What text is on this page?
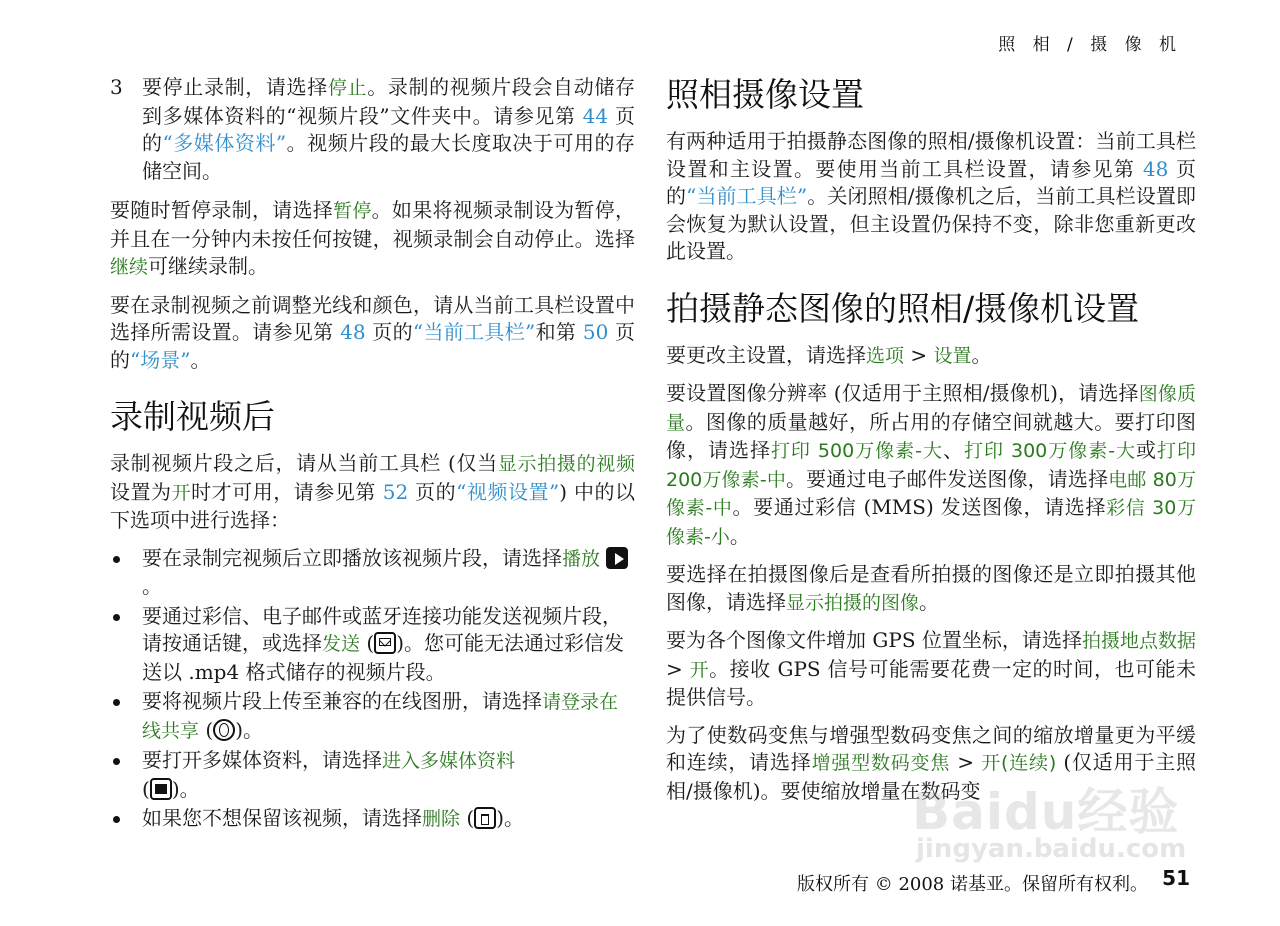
照 相 / 摄 像 机
3 要停止录制，请选择停止。录制的视频片段会自动储存到多媒体资料的“视频片段”文件夹中。请参见第 44 页的“多媒体资料”。视频片段的最大长度取决于可用的存储空间。

要随时暂停录制，请选择暂停。如果将视频录制设为暂停，并且在一分钟内未按任何按键，视频录制会自动停止。选择继续可继续录制。

要在录制视频之前调整光线和颜色，请从当前工具栏设置中选择所需设置。请参见第 48 页的“当前工具栏”和第 50 页的“场景”。

录制视频后

录制视频片段之后，请从当前工具栏 (仅当显示拍摄的视频设置为开时才可用，请参见第 52 页的“视频设置”) 中的以下选项中进行选择：

要在录制完视频后立即播放该视频片段，请选择播放 。
要通过彩信、电子邮件或蓝牙连接功能发送视频片段，请按通话键，或选择发送 ( )。您可能无法通过彩信发送以 .mp4 格式储存的视频片段。
要将视频片段上传至兼容的在线图册，请选择请登录在线共享 ( )。
要打开多媒体资料，请选择进入多媒体资料
( )。
如果您不想保留该视频，请选择删除 ( )。
照相摄像设置

有两种适用于拍摄静态图像的照相/摄像机设置：当前工具栏设置和主设置。要使用当前工具栏设置，请参见第 48 页的“当前工具栏”。关闭照相/摄像机之后，当前工具栏设置即会恢复为默认设置，但主设置仍保持不变，除非您重新更改此设置。

拍摄静态图像的照相/摄像机设置

要更改主设置，请选择选项 > 设置。

要设置图像分辨率 (仅适用于主照相/摄像机)，请选择图像质量。图像的质量越好，所占用的存储空间就越大。要打印图像，请选择打印 500万像素-大、打印 300万像素-大或打印 200万像素-中。要通过电子邮件发送图像，请选择电邮 80万像素-中。要通过彩信 (MMS) 发送图像，请选择彩信 30万像素-小。

要选择在拍摄图像后是查看所拍摄的图像还是立即拍摄其他图像，请选择显示拍摄的图像。

要为各个图像文件增加 GPS 位置坐标，请选择拍摄地点数据 > 开。接收 GPS 信号可能需要花费一定的时间，也可能未提供信号。

为了使数码变焦与增强型数码变焦之间的缩放增量更为平缓和连续，请选择增强型数码变焦 > 开(连续) (仅适用于主照相/摄像机)。要使缩放增量在数码变

Baidu经验
jingyan.baidu.com
版权所有 © 2008 诺基亚。保留所有权利。 51
